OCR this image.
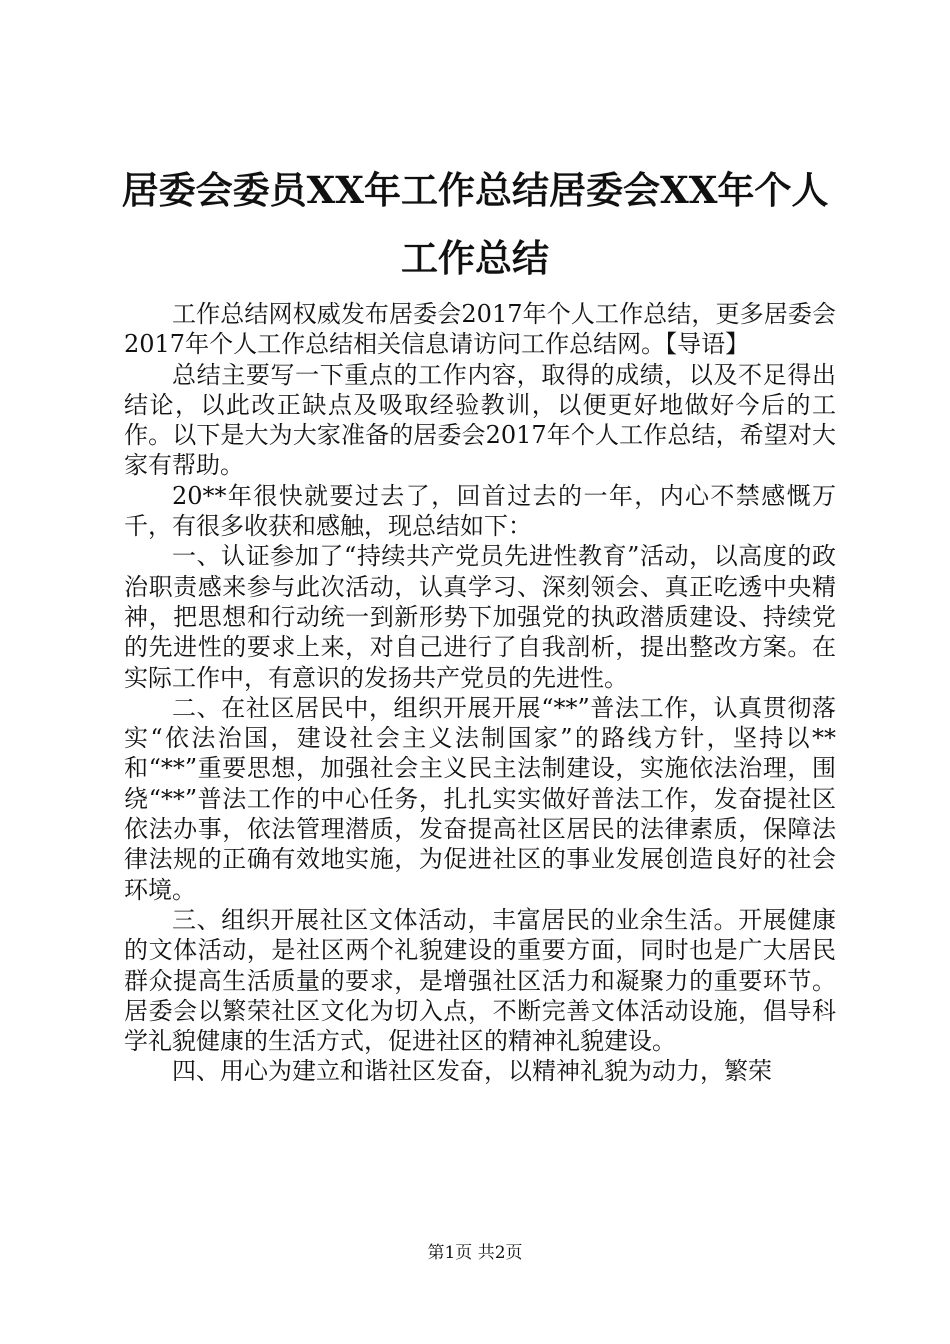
居委会委员XX年工作总结居委会XX年个人工作总结

工作总结网权威发布居委会2017年个人工作总结，更多居委会2017年个人工作总结相关信息请访问工作总结网。【导语】

总结主要写一下重点的工作内容，取得的成绩，以及不足得出结论，以此改正缺点及吸取经验教训，以便更好地做好今后的工作。以下是大为大家准备的居委会2017年个人工作总结，希望对大家有帮助。

20**年很快就要过去了，回首过去的一年，内心不禁感慨万千，有很多收获和感触，现总结如下：

一、认证参加了“持续共产党员先进性教育”活动，以高度的政治职责感来参与此次活动，认真学习、深刻领会、真正吃透中央精神，把思想和行动统一到新形势下加强党的执政潜质建设、持续党的先进性的要求上来，对自己进行了自我剖析，提出整改方案。在实际工作中，有意识的发扬共产党员的先进性。

二、在社区居民中，组织开展开展“**”普法工作，认真贯彻落实“依法治国，建设社会主义法制国家”的路线方针，坚持以**和“**”重要思想，加强社会主义民主法制建设，实施依法治理，围绕“**”普法工作的中心任务，扎扎实实做好普法工作，发奋提社区依法办事，依法管理潜质，发奋提高社区居民的法律素质，保障法律法规的正确有效地实施，为促进社区的事业发展创造良好的社会环境。

三、组织开展社区文体活动，丰富居民的业余生活。开展健康的文体活动，是社区两个礼貌建设的重要方面，同时也是广大居民群众提高生活质量的要求，是增强社区活力和凝聚力的重要环节。居委会以繁荣社区文化为切入点，不断完善文体活动设施，倡导科学礼貌健康的生活方式，促进社区的精神礼貌建设。

四、用心为建立和谐社区发奋，以精神礼貌为动力，繁荣

第1页 共2页
